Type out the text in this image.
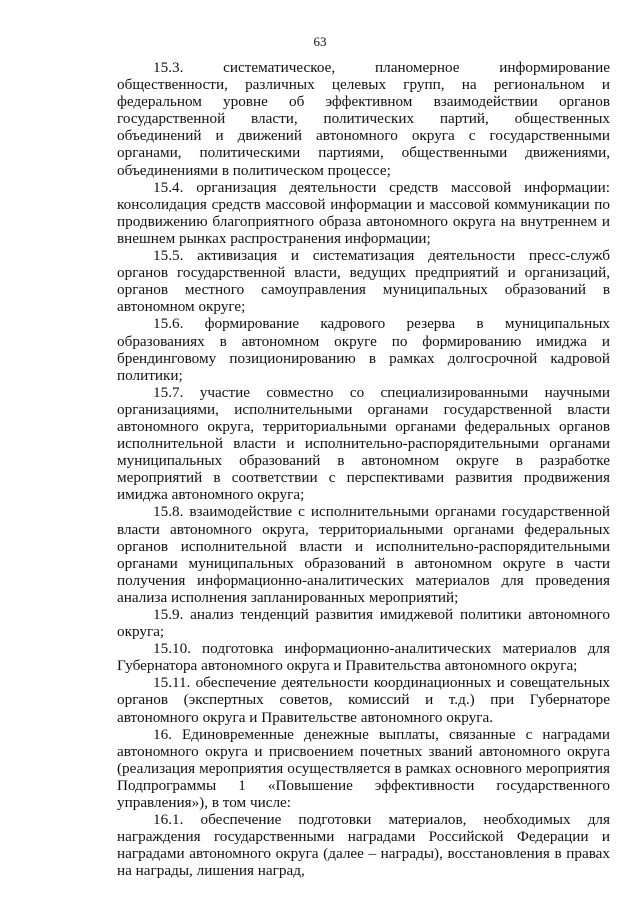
63

15.3. систематическое, планомерное информирование общественности, различных целевых групп, на региональном и федеральном уровне об эффективном взаимодействии органов государственной власти, политических партий, общественных объединений и движений автономного округа с государственными органами, политическими партиями, общественными движениями, объединениями в политическом процессе;

15.4. организация деятельности средств массовой информации: консолидация средств массовой информации и массовой коммуникации по продвижению благоприятного образа автономного округа на внутреннем и внешнем рынках распространения информации;

15.5. активизация и систематизация деятельности пресс-служб органов государственной власти, ведущих предприятий и организаций, органов местного самоуправления муниципальных образований в автономном округе;

15.6. формирование кадрового резерва в муниципальных образованиях в автономном округе по формированию имиджа и брендинговому позиционированию в рамках долгосрочной кадровой политики;

15.7. участие совместно со специализированными научными организациями, исполнительными органами государственной власти автономного округа, территориальными органами федеральных органов исполнительной власти и исполнительно-распорядительными органами муниципальных образований в автономном округе в разработке мероприятий в соответствии с перспективами развития продвижения имиджа автономного округа;

15.8. взаимодействие с исполнительными органами государственной власти автономного округа, территориальными органами федеральных органов исполнительной власти и исполнительно-распорядительными органами муниципальных образований в автономном округе в части получения информационно-аналитических материалов для проведения анализа исполнения запланированных мероприятий;

15.9. анализ тенденций развития имиджевой политики автономного округа;

15.10. подготовка информационно-аналитических материалов для Губернатора автономного округа и Правительства автономного округа;

15.11. обеспечение деятельности координационных и совещательных органов (экспертных советов, комиссий и т.д.) при Губернаторе автономного округа и Правительстве автономного округа.

16. Единовременные денежные выплаты, связанные с наградами автономного округа и присвоением почетных званий автономного округа (реализация мероприятия осуществляется в рамках основного мероприятия Подпрограммы 1 «Повышение эффективности государственного управления»), в том числе:

16.1. обеспечение подготовки материалов, необходимых для награждения государственными наградами Российской Федерации и наградами автономного округа (далее – награды), восстановления в правах на награды, лишения наград,
